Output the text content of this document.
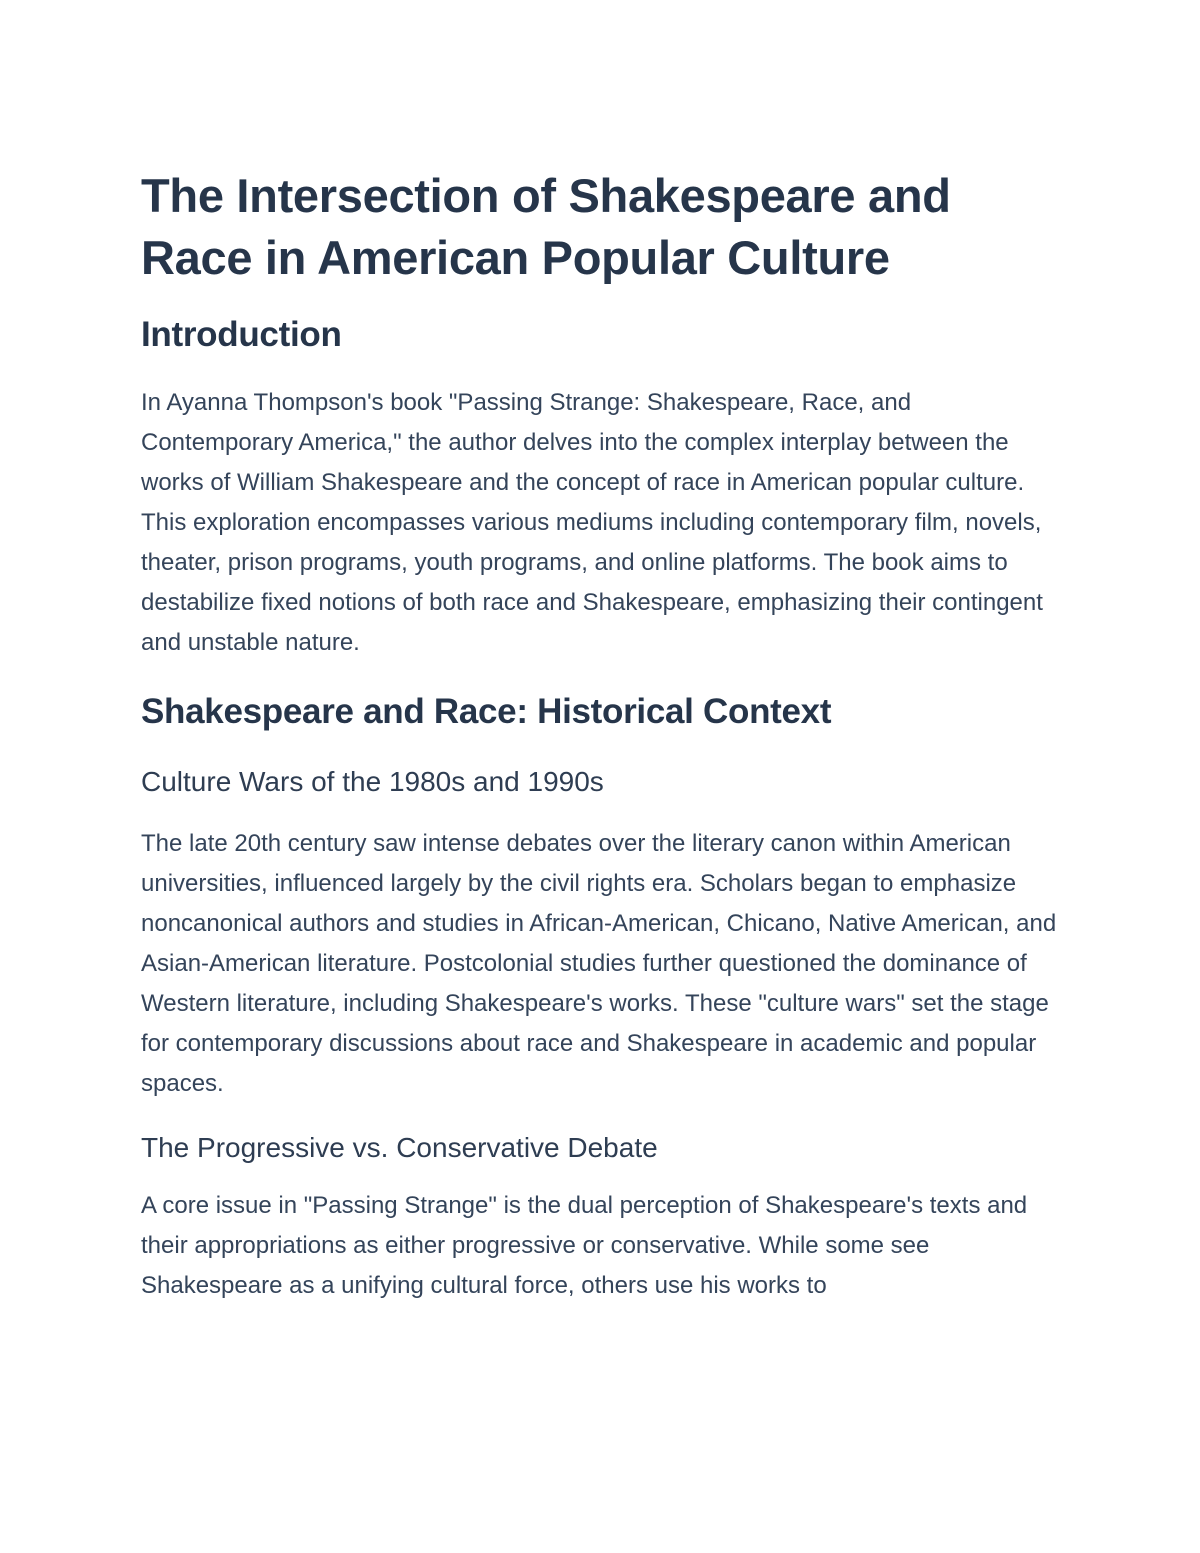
The Intersection of Shakespeare and Race in American Popular Culture
Introduction

In Ayanna Thompson's book "Passing Strange: Shakespeare, Race, and Contemporary America," the author delves into the complex interplay between the works of William Shakespeare and the concept of race in American popular culture. This exploration encompasses various mediums including contemporary film, novels, theater, prison programs, youth programs, and online platforms. The book aims to destabilize fixed notions of both race and Shakespeare, emphasizing their contingent and unstable nature.

Shakespeare and Race: Historical Context
Culture Wars of the 1980s and 1990s

The late 20th century saw intense debates over the literary canon within American universities, influenced largely by the civil rights era. Scholars began to emphasize noncanonical authors and studies in African-American, Chicano, Native American, and Asian-American literature. Postcolonial studies further questioned the dominance of Western literature, including Shakespeare's works. These "culture wars" set the stage for contemporary discussions about race and Shakespeare in academic and popular spaces.

The Progressive vs. Conservative Debate

A core issue in "Passing Strange" is the dual perception of Shakespeare's texts and their appropriations as either progressive or conservative. While some see Shakespeare as a unifying cultural force, others use his works to
